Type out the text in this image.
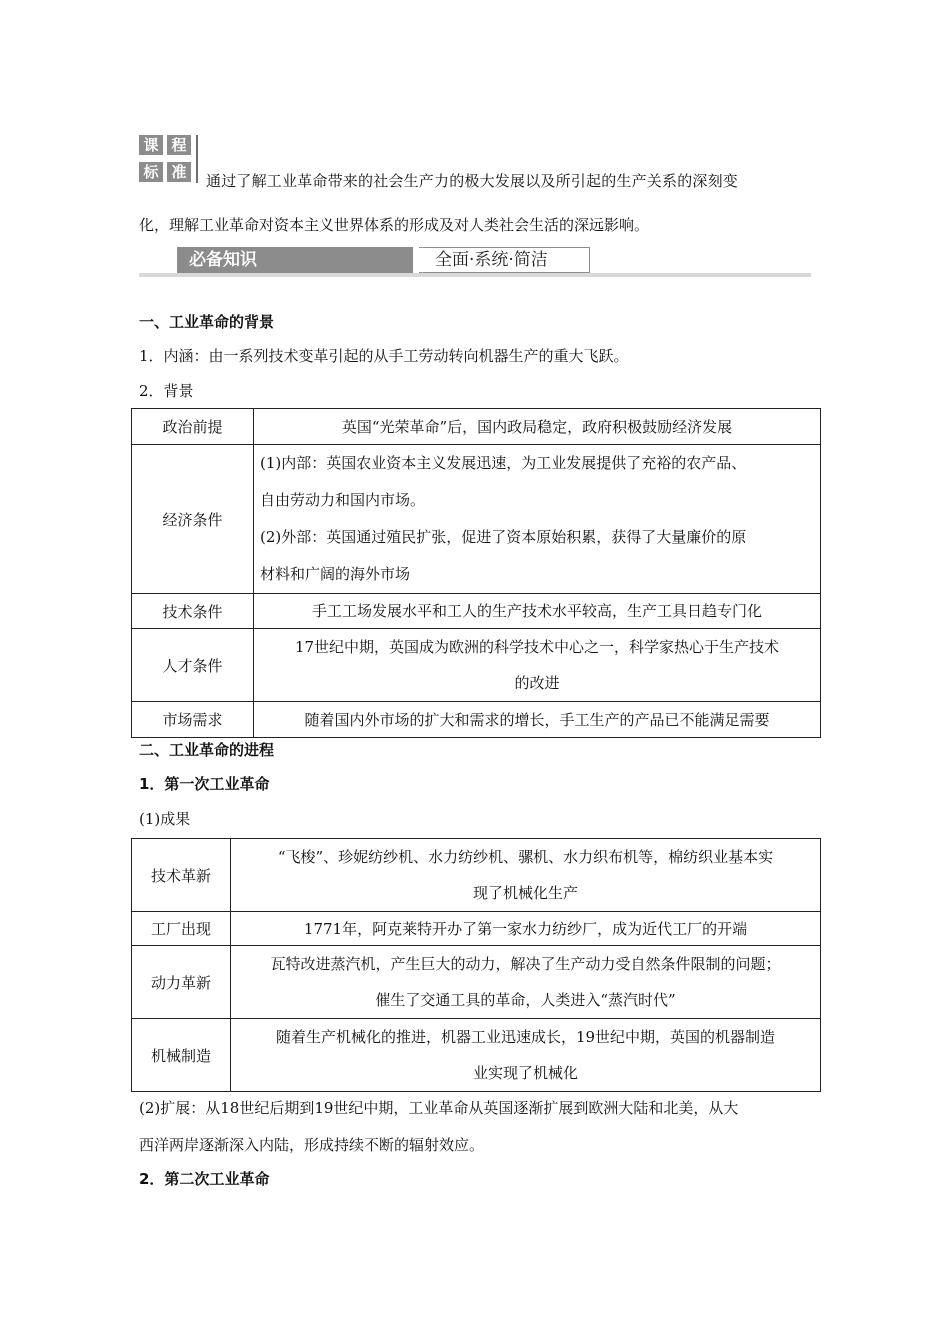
课 程
标 准	通过了解工业革命带来的社会生产力的极大发展以及所引起的生产关系的深刻变
化，理解工业革命对资本主义世界体系的形成及对人类社会生活的深远影响。
必备知识	全面·系统·简洁
一、工业革命的背景
1．内涵：由一系列技术变革引起的从手工劳动转向机器生产的重大飞跃。
2．背景
政治前提	英国“光荣革命”后，国内政局稳定，政府积极鼓励经济发展
经济条件	(1)内部：英国农业资本主义发展迅速，为工业发展提供了充裕的农产品、
自由劳动力和国内市场。
(2)外部：英国通过殖民扩张，促进了资本原始积累，获得了大量廉价的原
材料和广阔的海外市场

技术条件	手工工场发展水平和工人的生产技术水平较高，生产工具日趋专门化
人才条件	17世纪中期，英国成为欧洲的科学技术中心之一，科学家热心于生产技术
的改进

市场需求	随着国内外市场的扩大和需求的增长，手工生产的产品已不能满足需要
二、工业革命的进程
1．第一次工业革命
(1)成果
技术革新	“飞梭”、珍妮纺纱机、水力纺纱机、骡机、水力织布机等，棉纺织业基本实
现了机械化生产

工厂出现	1771年，阿克莱特开办了第一家水力纺纱厂，成为近代工厂的开端
动力革新	瓦特改进蒸汽机，产生巨大的动力，解决了生产动力受自然条件限制的问题；
催生了交通工具的革命，人类进入“蒸汽时代”

机械制造	随着生产机械化的推进，机器工业迅速成长，19世纪中期，英国的机器制造
业实现了机械化
(2)扩展：从18世纪后期到19世纪中期，工业革命从英国逐渐扩展到欧洲大陆和北美，从大
西洋两岸逐渐深入内陆，形成持续不断的辐射效应。
2．第二次工业革命
